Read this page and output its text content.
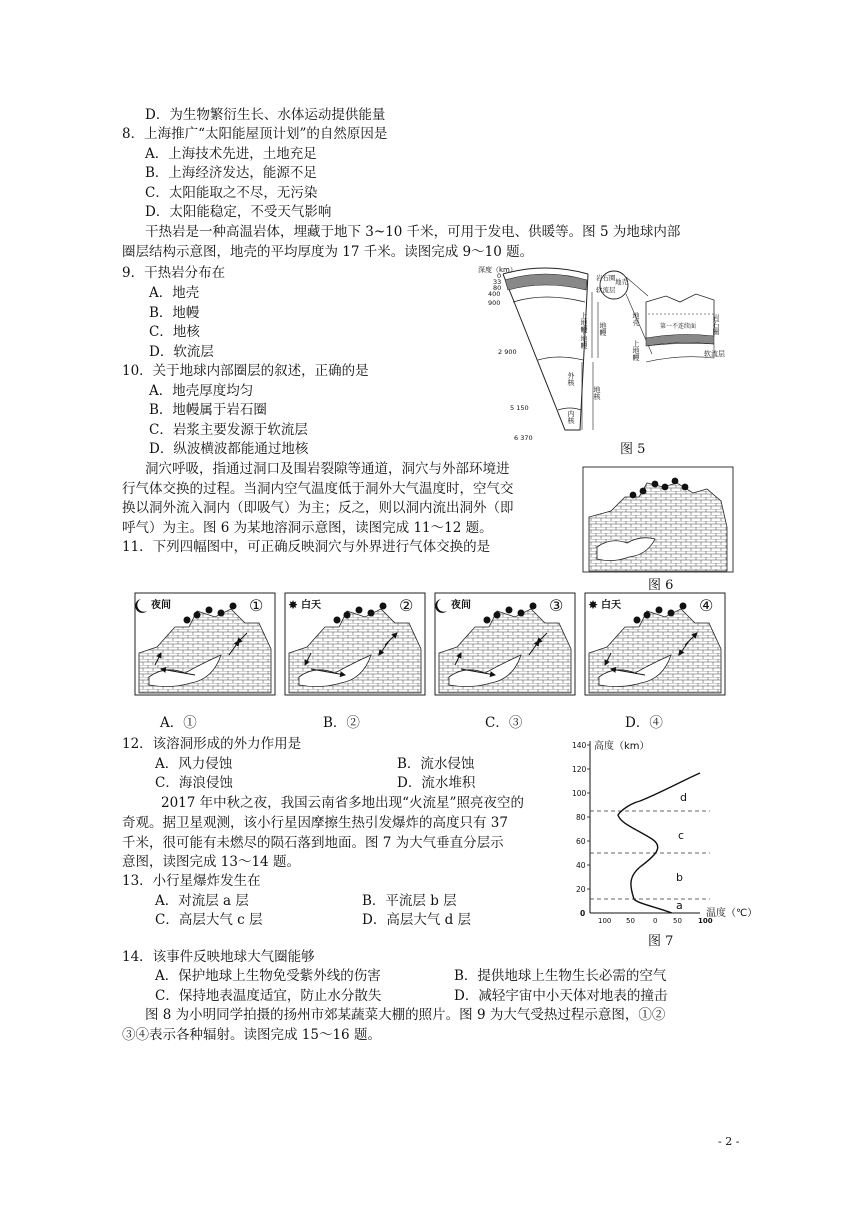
D．为生物繁衍生长、水体运动提供能量
8．上海推广“太阳能屋顶计划”的自然原因是
A．上海技术先进，土地充足
B．上海经济发达，能源不足
C．太阳能取之不尽，无污染
D．太阳能稳定，不受天气影响
干热岩是一种高温岩体，埋藏于地下 3~10 千米，可用于发电、供暖等。图 5 为地球内部
圈层结构示意图，地壳的平均厚度为 17 千米。读图完成 9～10 题。
9．干热岩分布在
A．地壳
B．地幔
C．地核
D．软流层
10．关于地球内部圈层的叙述，正确的是
A．地壳厚度均匀
B．地幔属于岩石圈
C．岩浆主要发源于软流层
D．纵波横波都能通过地核
洞穴呼吸，指通过洞口及围岩裂隙等通道，洞穴与外部环境进
行气体交换的过程。当洞内空气温度低于洞外大气温度时，空气交
换以洞外流入洞内（即吸气）为主；反之，则以洞内流出洞外（即
呼气）为主。图 6 为某地溶洞示意图，读图完成 11～12 题。
11．下列四幅图中，可正确反映洞穴与外界进行气体交换的是
A．①	B．②	C．③	D．④
12．该溶洞形成的外力作用是
A．风力侵蚀	B．流水侵蚀
C．海浪侵蚀	D．流水堆积
2017 年中秋之夜，我国云南省多地出现“火流星”照亮夜空的
奇观。据卫星观测，该小行星因摩擦生热引发爆炸的高度只有 37
千米，很可能有未燃尽的陨石落到地面。图 7 为大气垂直分层示
意图，读图完成 13～14 题。
13．小行星爆炸发生在
A．对流层 a 层	B．平流层 b 层
C．高层大气 c 层	D．高层大气 d 层
14．该事件反映地球大气圈能够
A．保护地球上生物免受紫外线的伤害	B．提供地球上生物生长必需的空气
C．保持地表温度适宜，防止水分散失	D．减轻宇宙中小天体对地表的撞击
图 8 为小明同学拍摄的扬州市郊某蔬菜大棚的照片。图 9 为大气受热过程示意图，①②
③④表示各种辐射。读图完成 15～16 题。
- 2 -
深度（km）
0
33
80
400
900
2 900
5 150
6 370
岩石圈
软流层
地壳
上地幔
下地幔 地幔
外核
内核
地核
岩石圈
地壳
上地幔
第一不连续面
软流层
图 5
图 6
夜间	① ✸ 白天	②	夜间	③ ✸ 白天	④
高度（km）
温度（℃）
140
120
100
80
60
40
20
0
100 50	0 50 100
d
c
b
a
图 7
